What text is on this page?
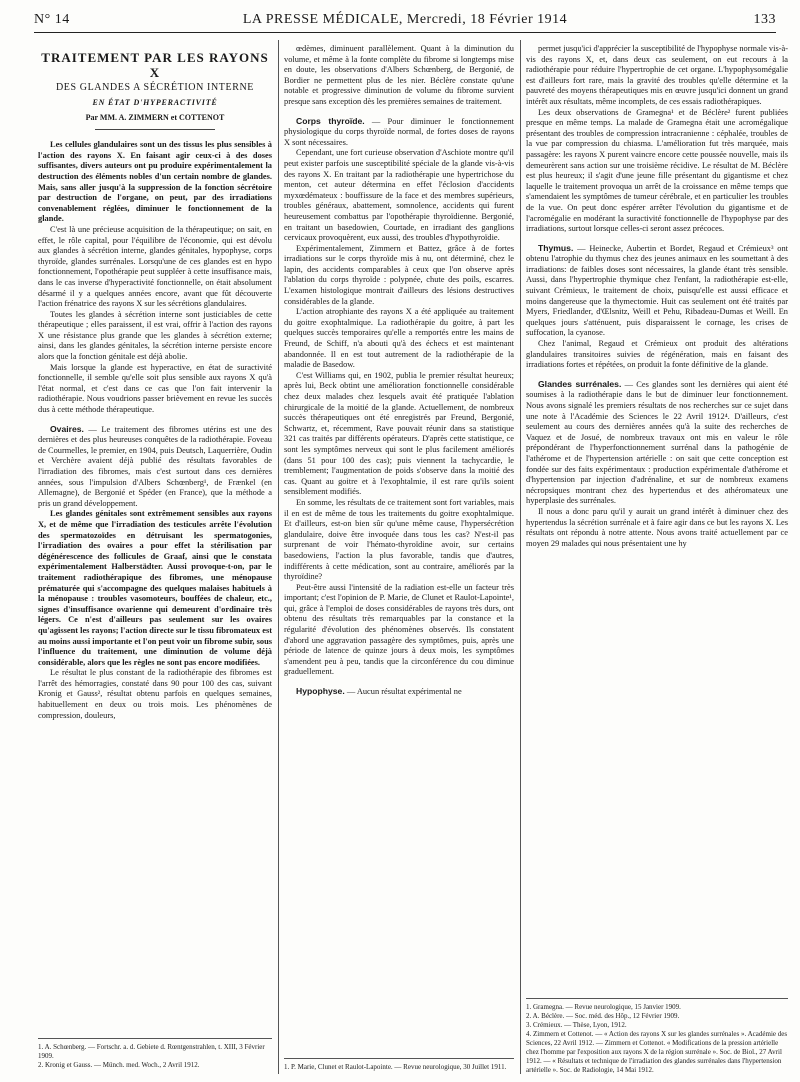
N° 14	LA PRESSE MÉDICALE, Mercredi, 18 Février 1914	133
TRAITEMENT PAR LES RAYONS X
DES GLANDES A SÉCRÉTION INTERNE
EN ÉTAT D'HYPERACTIVITÉ
Par MM. A. ZIMMERN et COTTENOT

Les cellules glandulaires sont un des tissus les plus sensibles à l'action des rayons X. En faisant agir ceux-ci à des doses suffisantes, divers auteurs ont pu produire expérimentalement la destruction des éléments nobles d'un certain nombre de glandes. Mais, sans aller jusqu'à la suppression de la fonction sécrétoire par destruction de l'organe, on peut, par des irradiations convenablement réglées, diminuer le fonctionnement de la glande.

C'est là une précieuse acquisition de la thérapeutique; on sait, en effet, le rôle capital, pour l'équilibre de l'économie, qui est dévolu aux glandes à sécrétion interne, glandes génitales, hypophyse, corps thyroïde, glandes surrénales. Lorsqu'une de ces glandes est en hypo fonctionnement, l'opothérapie peut suppléer à cette insuffisance mais, dans le cas inverse d'hyperactivité fonctionnelle, on était absolument désarmé il y a quelques années encore, avant que fût découverte l'action frénatrice des rayons X sur les sécrétions glandulaires.

Toutes les glandes à sécrétion interne sont justiciables de cette thérapeutique ; elles paraissent, il est vrai, offrir à l'action des rayons X une résistance plus grande que les glandes à sécrétion externe; ainsi, dans les glandes génitales, la sécrétion interne persiste encore alors que la fonction génitale est déjà abolie.

Mais lorsque la glande est hyperactive, en état de suractivité fonctionnelle, il semble qu'elle soit plus sensible aux rayons X qu'à l'état normal, et c'est dans ce cas que l'on fait intervenir la radiothérapie. Nous voudrions passer brièvement en revue les succès dus à cette méthode thérapeutique.

Ovaires. — Le traitement des fibromes utérins est une des dernières et des plus heureuses conquêtes de la radiothérapie. Foveau de Courmelles, le premier, en 1904, puis Deutsch, Laquerrière, Oudin et Verchère avaient déjà publié des résultats favorables de l'irradiation des fibromes, mais c'est surtout dans ces dernières années, sous l'impulsion d'Albers Schœnberg¹, de Frænkel (en Allemagne), de Bergonié et Spéder (en France), que la méthode a pris un grand développement.

Les glandes génitales sont extrêmement sensibles aux rayons X, et de même que l'irradiation des testicules arrête l'évolution des spermatozoïdes en détruisant les spermatogonies, l'irradiation des ovaires a pour effet la stérilisation par dégénérescence des follicules de Graaf, ainsi que le constata expérimentalement Halberstädter. Aussi provoque-t-on, par le traitement radiothérapique des fibromes, une ménopause prématurée qui s'accompagne des quelques malaises habituels à la ménopause : troubles vasomoteurs, bouffées de chaleur, etc., signes d'insuffisance ovarienne qui demeurent d'ordinaire très légers. Ce n'est d'ailleurs pas seulement sur les ovaires qu'agissent les rayons; l'action directe sur le tissu fibromateux est au moins aussi importante et l'on peut voir un fibrome subir, sous l'influence du traitement, une diminution de volume déjà considérable, alors que les règles ne sont pas encore modifiées.

Le résultat le plus constant de la radiothérapie des fibromes est l'arrêt des hémorragies, constaté dans 90 pour 100 des cas, suivant Kronig et Gauss², résultat obtenu parfois en quelques semaines, habituellement en deux ou trois mois. Les phénomènes de compression, douleurs,

œdèmes, diminuent parallèlement. Quant à la diminution du volume, et même à la fonte complète du fibrome si longtemps mise en doute, les observations d'Albers Schœnberg, de Bergonié, de Bordier ne permettent plus de les nier. Béclère constate qu'une notable et progressive diminution de volume du fibrome survient presque sans exception dès les premières semaines de traitement.

Corps thyroïde. — Pour diminuer le fonctionnement physiologique du corps thyroïde normal, de fortes doses de rayons X sont nécessaires.

Cependant, une fort curieuse observation d'Aschiote montre qu'il peut exister parfois une susceptibilité spéciale de la glande vis-à-vis des rayons X. En traitant par la radiothérapie une hypertrichose du menton, cet auteur détermina en effet l'éclosion d'accidents myxœdémateux : bouffissure de la face et des membres supérieurs, troubles généraux, abattement, somnolence, accidents qui furent heureusement combattus par l'opothérapie thyroïdienne. Bergonié, en traitant un basedowien, Courtade, en irradiant des ganglions cervicaux provoquèrent, eux aussi, des troubles d'hypothyroïdie.

Expérimentalement, Zimmern et Battez, grâce à de fortes irradiations sur le corps thyroïde mis à nu, ont déterminé, chez le lapin, des accidents comparables à ceux que l'on observe après l'ablation du corps thyroïde : polypnée, chute des poils, escarres. L'examen histologique montrait d'ailleurs des lésions destructives considérables de la glande.

L'action atrophiante des rayons X a été appliquée au traitement du goitre exophtalmique. La radiothérapie du goitre, à part les quelques succès temporaires qu'elle a remportés entre les mains de Freund, de Schiff, n'a abouti qu'à des échecs et est maintenant abandonnée. Il en est tout autrement de la radiothérapie de la maladie de Basedow.

C'est Williams qui, en 1902, publia le premier résultat heureux; après lui, Beck obtint une amélioration fonctionnelle considérable chez deux malades chez lesquels avait été pratiquée l'ablation chirurgicale de la moitié de la glande. Actuellement, de nombreux succès thérapeutiques ont été enregistrés par Freund, Bergonié, Schwartz, et, récemment, Rave pouvait réunir dans sa statistique 321 cas traités par différents opérateurs. D'après cette statistique, ce sont les symptômes nerveux qui sont le plus facilement améliorés (dans 51 pour 100 des cas); puis viennent la tachycardie, le tremblement; l'augmentation de poids s'observe dans la moitié des cas. Quant au goitre et à l'exophtalmie, il est rare qu'ils soient sensiblement modifiés.

En somme, les résultats de ce traitement sont fort variables, mais il en est de même de tous les traitements du goitre exophtalmique. Et d'ailleurs, est-on bien sûr qu'une même cause, l'hypersécrétion glandulaire, doive être invoquée dans tous les cas? N'est-il pas surprenant de voir l'hémato-thyroïdine avoir, sur certains basedowiens, l'action la plus favorable, tandis que d'autres, indifférents à cette médication, sont au contraire, améliorés par la thyroïdine?

Peut-être aussi l'intensité de la radiation est-elle un facteur très important; c'est l'opinion de P. Marie, de Clunet et Raulot-Lapointe¹, qui, grâce à l'emploi de doses considérables de rayons très durs, ont obtenu des résultats très remarquables par la constance et la régularité d'évolution des phénomènes observés. Ils constatent d'abord une aggravation passagère des symptômes, puis, après une période de latence de quinze jours à deux mois, les symptômes s'amendent peu à peu, tandis que la circonférence du cou diminue graduellement.

Hypophyse. — Aucun résultat expérimental ne

permet jusqu'ici d'apprécier la susceptibilité de l'hypophyse normale vis-à-vis des rayons X, et, dans deux cas seulement, on eut recours à la radiothérapie pour réduire l'hypertrophie de cet organe. L'hypophysomégalie est d'ailleurs fort rare, mais la gravité des troubles qu'elle détermine et la pauvreté des moyens thérapeutiques mis en œuvre jusqu'ici donnent un grand intérêt aux résultats, même incomplets, de ces essais radiothérapiques.

Les deux observations de Gramegna¹ et de Béclère² furent publiées presque en même temps. La malade de Gramegna était une acromégalique présentant des troubles de compression intracranienne : céphalée, troubles de la vue par compression du chiasma. L'amélioration fut très marquée, mais passagère: les rayons X purent vaincre encore cette poussée nouvelle, mais ils demeurèrent sans action sur une troisième récidive. Le résultat de M. Béclère est plus heureux; il s'agit d'une jeune fille présentant du gigantisme et chez laquelle le traitement provoqua un arrêt de la croissance en même temps que s'amendaient les symptômes de tumeur cérébrale, et en particulier les troubles de la vue. On peut donc espérer arrêter l'évolution du gigantisme et de l'acromégalie en modérant la suractivité fonctionnelle de l'hypophyse par des irradiations, surtout lorsque celles-ci seront assez précoces.

Thymus. — Heinecke, Aubertin et Bordet, Regaud et Crémieux³ ont obtenu l'atrophie du thymus chez des jeunes animaux en les soumettant à des irradiations: de faibles doses sont nécessaires, la glande étant très sensible. Aussi, dans l'hypertrophie thymique chez l'enfant, la radiothérapie est-elle, suivant Crémieux, le traitement de choix, puisqu'elle est aussi efficace et moins dangereuse que la thymectomie. Huit cas seulement ont été traités par Myers, Friedlander, d'Œlsnitz, Weill et Pehu, Ribadeau-Dumas et Weill. En quelques jours s'atténuent, puis disparaissent le cornage, les crises de suffocation, la cyanose.

Chez l'animal, Regaud et Crémieux ont produit des altérations glandulaires transitoires suivies de régénération, mais en faisant des irradiations fortes et répétées, on produit la fonte définitive de la glande.

Glandes surrénales. — Ces glandes sont les dernières qui aient été soumises à la radiothérapie dans le but de diminuer leur fonctionnement. Nous avons signalé les premiers résultats de nos recherches sur ce sujet dans une note à l'Académie des Sciences le 22 Avril 1912⁴. D'ailleurs, c'est seulement au cours des dernières années qu'à la suite des recherches de Vaquez et de Josué, de nombreux travaux ont mis en valeur le rôle prépondérant de l'hyperfonctionnement surrénal dans la pathogénie de l'athérome et de l'hypertension artérielle : on sait que cette conception est fondée sur des faits expérimentaux : production expérimentale d'athérome et d'hypertension par injection d'adrénaline, et sur de nombreux examens nécropsiques montrant chez des hypertendus et des athéromateux une hyperplasie des surrénales.

Il nous a donc paru qu'il y aurait un grand intérêt à diminuer chez des hypertendus la sécrétion surrénale et à faire agir dans ce but les rayons X. Les résultats ont répondu à notre attente. Nous avons traité actuellement par ce moyen 29 malades qui nous présentaient une hy

1. A. Schœnberg. — Fortschr. a. d. Gebiete d. Rœntgenstrahlen, t. XIII, 3 Février 1909.
2. Kronig et Gauss. — Münch. med. Woch., 2 Avril 1912.	1. P. Marie, Clunet et Raulot-Lapointe. — Revue neurologique, 30 Juillet 1911.
1. Gramegna. — Revue neurologique, 15 Janvier 1909.
2. A. Béclère. — Soc. méd. des Hôp., 12 Février 1909.
3. Crémieux. — Thèse, Lyon, 1912.
4. Zimmern et Cottenot. — « Action des rayons X sur les glandes surrénales ». Académie des Sciences, 22 Avril 1912. — Zimmern et Cottenot. « Modifications de la pression artérielle chez l'homme par l'exposition aux rayons X de la région surrénale ». Soc. de Biol., 27 Avril 1912. — « Résultats et technique de l'irradiation des glandes surrénales dans l'hypertension artérielle ». Soc. de Radiologie, 14 Mai 1912.
